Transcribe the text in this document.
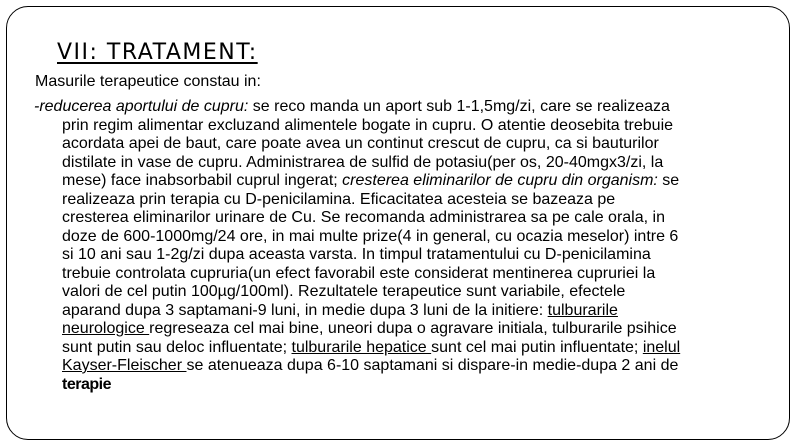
VII: TRATAMENT:
Masurile terapeutice constau in:
-reducerea aportului de cupru: se reco manda un aport sub 1-1,5mg/zi, care se realizeaza
prin regim alimentar excluzand alimentele bogate in cupru. O atentie deosebita trebuie
acordata apei de baut, care poate avea un continut crescut de cupru, ca si bauturilor
distilate in vase de cupru. Administrarea de sulfid de potasiu(per os, 20-40mgx3/zi, la
mese) face inabsorbabil cuprul ingerat; cresterea eliminarilor de cupru din organism: se
realizeaza prin terapia cu D-penicilamina. Eficacitatea acesteia se bazeaza pe
cresterea eliminarilor urinare de Cu. Se recomanda administrarea sa pe cale orala, in
doze de 600-1000mg/24 ore, in mai multe prize(4 in general, cu ocazia meselor) intre 6
si 10 ani sau 1-2g/zi dupa aceasta varsta. In timpul tratamentului cu D-penicilamina
trebuie controlata cupruria(un efect favorabil este considerat mentinerea cupruriei la
valori de cel putin 100µg/100ml). Rezultatele terapeutice sunt variabile, efectele
aparand dupa 3 saptamani-9 luni, in medie dupa 3 luni de la initiere: tulburarile
neurologice regreseaza cel mai bine, uneori dupa o agravare initiala, tulburarile psihice
sunt putin sau deloc influentate; tulburarile hepatice sunt cel mai putin influentate; inelul
Kayser-Fleischer se atenueaza dupa 6-10 saptamani si dispare-in medie-dupa 2 ani de
terapie
